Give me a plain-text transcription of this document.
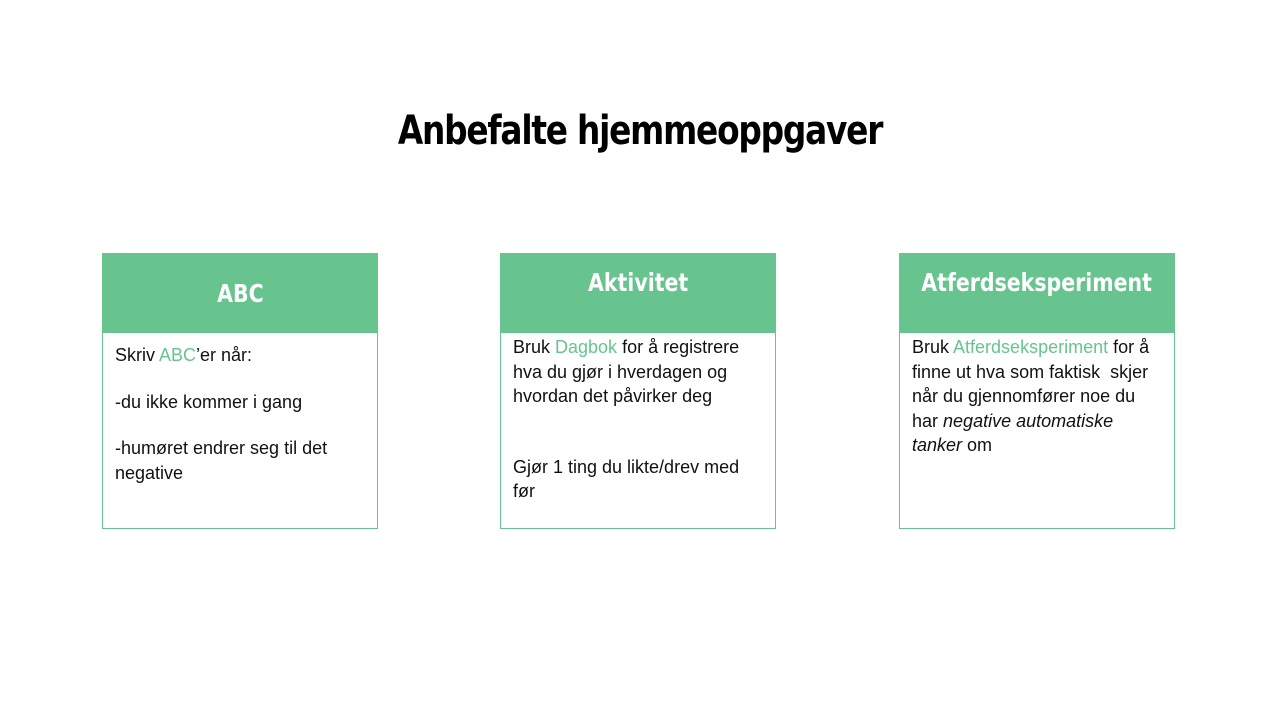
Anbefalte hjemmeoppgaver
ABC

Skriv ABC’er når:

-du ikke kommer i gang

-humøret endrer seg til det negative

Aktivitet

Bruk Dagbok for å registrere hva du gjør i hverdagen og hvordan det påvirker deg

Gjør 1 ting du likte/drev med før

Atferdseksperiment

Bruk Atferdseksperiment for å finne ut hva som faktisk  skjer når du gjennomfører noe du har negative automatiske tanker om
